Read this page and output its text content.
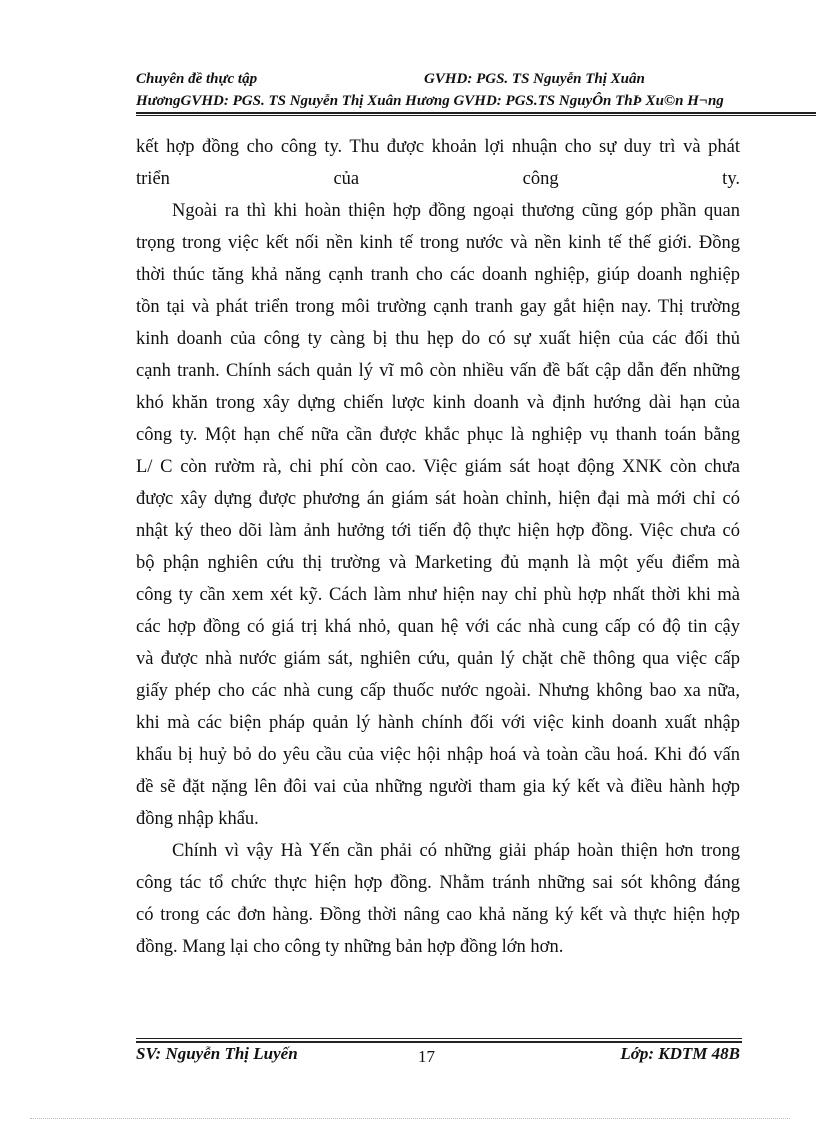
Chuyên đề thực tập	GVHD: PGS. TS Nguyễn Thị Xuân
HươngGVHD: PGS. TS Nguyễn Thị Xuân Hương GVHD: PGS.TS NguyÔn ThÞ Xu©n H¬ng
kết hợp đồng cho công ty. Thu được khoản lợi nhuận cho sự duy trì và phát
triển của công ty.
Ngoài ra thì khi hoàn thiện hợp đồng ngoại thương cũng góp phần quan
trọng trong việc kết nối nền kinh tế trong nước và nền kinh tế thế giới. Đồng
thời thúc tăng khả năng cạnh tranh cho các doanh nghiệp, giúp doanh nghiệp
tồn tại và phát triển trong môi trường cạnh tranh gay gắt hiện nay. Thị trường
kinh doanh của công ty càng bị thu hẹp do có sự xuất hiện của các đối thủ
cạnh tranh. Chính sách quản lý vĩ mô còn nhiều vấn đề bất cập dẫn đến những
khó khăn trong xây dựng chiến lược kinh doanh và định hướng dài hạn của
công ty. Một hạn chế nữa cần được khắc phục là nghiệp vụ thanh toán bằng
L/ C còn rườm rà, chi phí còn cao. Việc giám sát hoạt động XNK còn chưa
được xây dựng được phương án giám sát hoàn chỉnh, hiện đại mà mới chỉ có
nhật ký theo dõi làm ảnh hưởng tới tiến độ thực hiện hợp đồng. Việc chưa có
bộ phận nghiên cứu thị trường và Marketing đủ mạnh là một yếu điểm mà
công ty cần xem xét kỹ. Cách làm như hiện nay chỉ phù hợp nhất thời khi mà
các hợp đồng có giá trị khá nhỏ, quan hệ với các nhà cung cấp có độ tin cậy
và được nhà nước giám sát, nghiên cứu, quản lý chặt chẽ thông qua việc cấp
giấy phép cho các nhà cung cấp thuốc nước ngoài. Nhưng không bao xa nữa,
khi mà các biện pháp quản lý hành chính đối với việc kinh doanh xuất nhập
khẩu bị huỷ bỏ do yêu cầu của việc hội nhập hoá và toàn cầu hoá. Khi đó vấn
đề sẽ đặt nặng lên đôi vai của những người tham gia ký kết và điều hành hợp
đồng nhập khẩu.
Chính vì vậy Hà Yến cần phải có những giải pháp hoàn thiện hơn trong
công tác tổ chức thực hiện hợp đồng. Nhằm tránh những sai sót không đáng
có trong các đơn hàng. Đồng thời nâng cao khả năng ký kết và thực hiện hợp
đồng. Mang lại cho công ty những bản hợp đồng lớn hơn.
SV: Nguyễn Thị Luyến	17	Lớp: KDTM 48B
